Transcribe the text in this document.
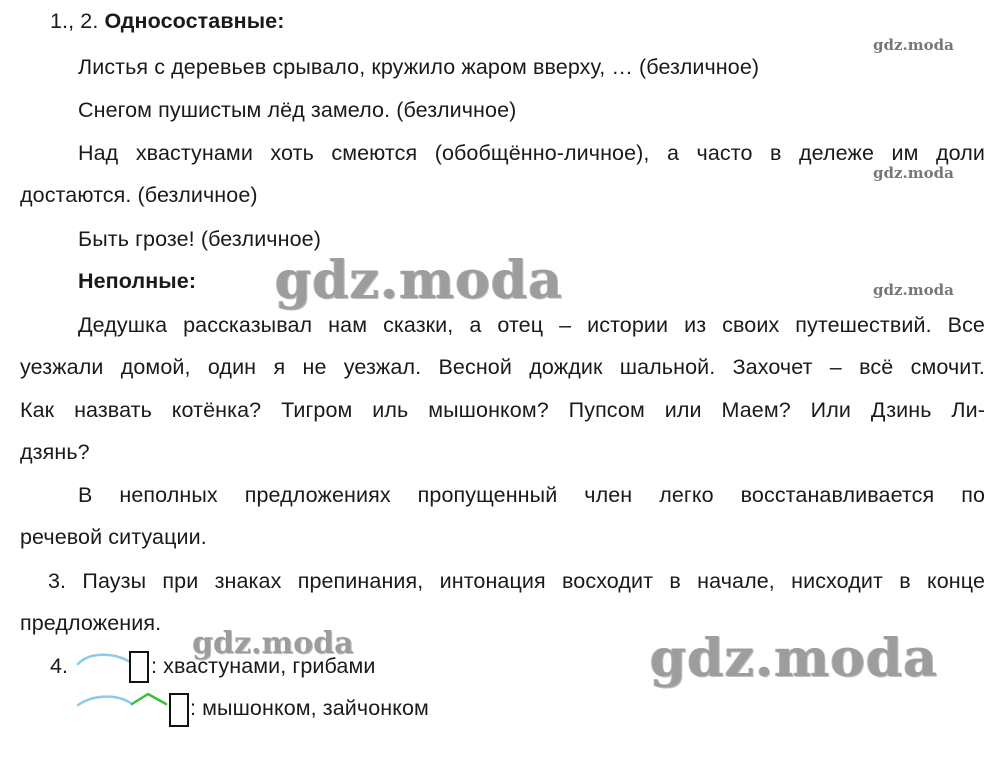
1., 2. Односоставные:
Листья с деревьев срывало, кружило жаром вверху, … (безличное)
Снегом пушистым лёд замело. (безличное)
Над хвастунами хоть смеются (обобщённо-личное), а часто в дележе им доли
достаются. (безличное)
Быть грозе! (безличное)
Неполные:
Дедушка рассказывал нам сказки, а отец – истории из своих путешествий. Все
уезжали домой, один я не уезжал. Весной дождик шальной. Захочет – всё смочит.
Как назвать котёнка? Тигром иль мышонком? Пупсом или Маем? Или Дзинь Ли-
дзянь?
В неполных предложениях пропущенный член легко восстанавливается по
речевой ситуации.
3. Паузы при знаках препинания, интонация восходит в начале, нисходит в конце
предложения.
4.	: хвастунами, грибами
: мышонком, зайчонком
gdz.moda
gdz.moda
gdz.moda
gdz.moda
gdz.moda	gdz.moda
